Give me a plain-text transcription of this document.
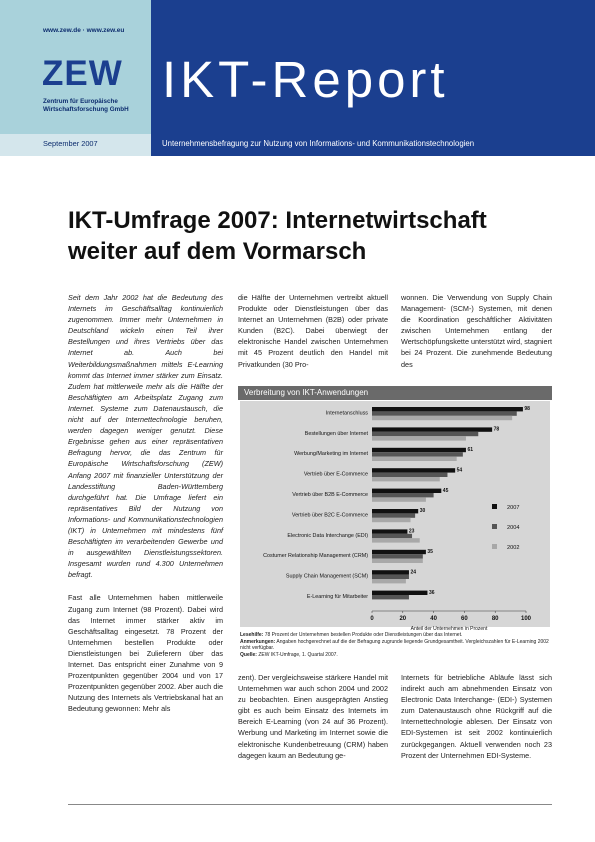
www.zew.de · www.zew.eu
ZEW
Zentrum für Europäische
Wirtschaftsforschung GmbH
IKT-Report
September 2007	Unternehmensbefragung zur Nutzung von Informations- und Kommunikationstechnologien
IKT-Umfrage 2007: Internetwirtschaft
weiter auf dem Vormarsch

Seit dem Jahr 2002 hat die Bedeutung des Internets im Geschäftsalltag kontinuierlich zugenommen. Immer mehr Unternehmen in Deutschland wickeln einen Teil ihrer Bestellungen und ihres Vertriebs über das Internet ab. Auch bei Weiterbildungsmaßnahmen mittels E-Learning kommt das Internet immer stärker zum Einsatz. Zudem hat mittlerweile mehr als die Hälfte der Beschäftigten am Arbeitsplatz Zugang zum Internet. Systeme zum Datenaustausch, die nicht auf der Internettechnologie beruhen, werden dagegen weniger genutzt. Diese Ergebnisse gehen aus einer repräsentativen Befragung hervor, die das Zentrum für Europäische Wirtschaftsforschung (ZEW) Anfang 2007 mit finanzieller Unterstützung der Landesstiftung Baden-Württemberg durchgeführt hat. Die Umfrage liefert ein repräsentatives Bild der Nutzung von Informations- und Kommunikationstechnologien (IKT) in Unternehmen mit mindestens fünf Beschäftigten im verarbeitenden Gewerbe und in ausgewählten Dienstleistungssektoren. Insgesamt wurden rund 4.300 Unternehmen befragt.

Fast alle Unternehmen haben mittlerweile Zugang zum Internet (98 Prozent). Dabei wird das Internet immer stärker aktiv im Geschäftsalltag eingesetzt. 78 Prozent der Unternehmen bestellen Produkte oder Dienstleistungen bei Zulieferern über das Internet. Das entspricht einer Zunahme von 9 Prozentpunkten gegenüber 2004 und von 17 Prozentpunkten gegenüber 2002. Aber auch die Nutzung des Internets als Vertriebskanal hat an Bedeutung gewonnen: Mehr als

die Hälfte der Unternehmen vertreibt aktuell Produkte oder Dienstleistungen über das Internet an Unternehmen (B2B) oder private Kunden (B2C). Dabei überwiegt der elektronische Handel zwischen Unternehmen mit 45 Prozent deutlich den Handel mit Privatkunden (30 Pro-
wonnen. Die Verwendung von Supply Chain Management- (SCM-) Systemen, mit denen die Koordination geschäftlicher Aktivitäten zwischen Unternehmen entlang der Wertschöpfungskette unterstützt wird, stagniert bei 24 Prozent. Die zunehmende Bedeutung des
zent). Der vergleichsweise stärkere Handel mit Unternehmen war auch schon 2004 und 2002 zu beobachten. Einen ausgeprägten Anstieg gibt es auch beim Einsatz des Internets im Bereich E-Learning (von 24 auf 36 Prozent). Werbung und Marketing im Internet sowie die elektronische Kundenbetreuung (CRM) haben dagegen kaum an Bedeutung ge-
Internets für betriebliche Abläufe lässt sich indirekt auch am abnehmenden Einsatz von Electronic Data Interchange- (EDI-) Systemen zum Datenaustausch ohne Rückgriff auf die Internettechnologie ablesen. Der Einsatz von EDI-Systemen ist seit 2002 kontinuierlich zurückgegangen. Aktuell verwenden noch 23 Prozent der Unternehmen EDI-Systeme.
Verbreitung von IKT-Anwendungen
Internetanschluss
98
Bestellungen über Internet
78
Werbung/Marketing im Internet
61
Vertrieb über E-Commerce
54
Vertrieb über B2B E-Commerce
45
Vertrieb über B2C E-Commerce
30
Electronic Data Interchange (EDI)
23
Costumer Relationship Management (CRM)
35
Supply Chain Management (SCM)
24
E-Learning für Mitarbeiter
36
0	20	40	60	80	100
Anteil der Unternehmen in Prozent
2007
2004
2002
Lesehilfe: 78 Prozent der Unternehmen bestellen Produkte oder Dienstleistungen über das Internet.
Anmerkungen: Angaben hochgerechnet auf die der Befragung zugrunde liegende Grundgesamtheit. Vergleichszahlen für E-Learning 2002 nicht verfügbar.
Quelle: ZEW IKT-Umfrage, 1. Quartal 2007.
